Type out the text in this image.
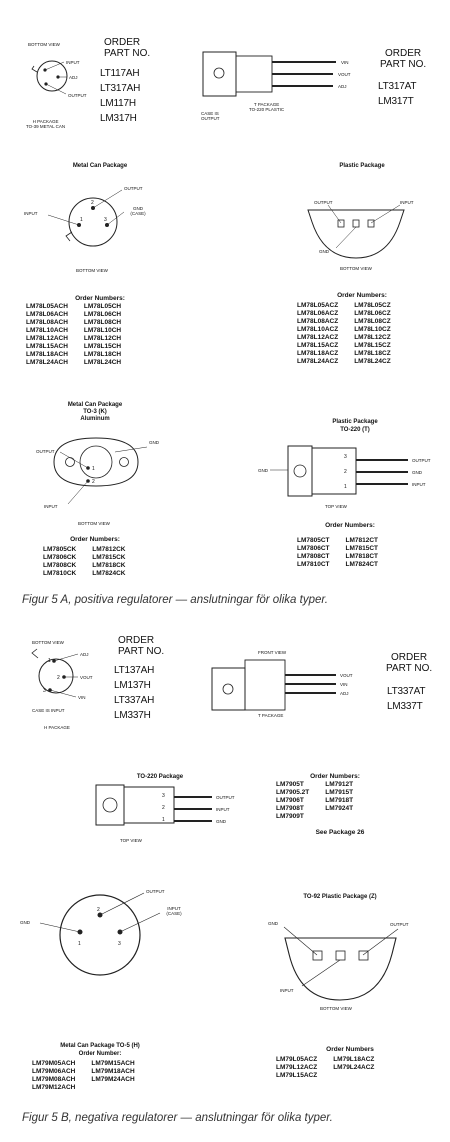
BOTTOM VIEW
INPUT
ADJ
OUTPUT
H PACKAGE
TO-39 METAL CAN
ORDER
PART NO.
LT117AH
LT317AH
LM117H
LM317H
VIN
VOUT
ADJ
CASE IS
OUTPUT
T PACKAGE
TO-220 PLASTIC
ORDER
PART NO.
LT317AT
LM317T
Metal Can Package
2
1	3
OUTPUT
INPUT
GND (CASE)
BOTTOM VIEW
Order Numbers:
LM78L05ACH LM78L05CH
LM78L06ACH LM78L06CH
LM78L08ACH LM78L08CH
LM78L10ACH LM78L10CH
LM78L12ACH LM78L12CH
LM78L15ACH LM78L15CH
LM78L18ACH LM78L18CH
LM78L24ACH LM78L24CH
Plastic Package
OUTPUT	INPUT
GND
BOTTOM VIEW
Order Numbers:
LM78L05ACZ LM78L05CZ
LM78L06ACZ LM78L06CZ
LM78L08ACZ LM78L08CZ
LM78L10ACZ LM78L10CZ
LM78L12ACZ LM78L12CZ
LM78L15ACZ LM78L15CZ
LM78L18ACZ LM78L18CZ
LM78L24ACZ LM78L24CZ
Metal Can Package
TO-3 (K)
Aluminum
1
2
OUTPUT
GND
INPUT
BOTTOM VIEW
Order Numbers:
LM7805CK LM7812CK
LM7806CK LM7815CK
LM7808CK LM7818CK
LM7810CK LM7824CK
Plastic Package
TO-220 (T)
3
2
1
OUTPUT
GND
INPUT
GND
TOP VIEW
Order Numbers:
LM7805CT LM7812CT
LM7806CT LM7815CT
LM7808CT LM7818CT
LM7810CT LM7824CT
Figur 5 A, positiva regulatorer — anslutningar för olika typer.
BOTTOM VIEW
1
2
3
ADJ
VOUT
VIN
CASE IS INPUT
H PACKAGE
ORDER
PART NO.
LT137AH
LM137H
LT337AH
LM337H
FRONT VIEW
VOUT
VIN
ADJ
T PACKAGE
ORDER
PART NO.
LT337AT
LM337T
TO-220 Package
3
2
1
OUTPUT
INPUT
GND
TOP VIEW
Order Numbers:
LM7905T	LM7912T
LM7905.2T LM7915T
LM7906T	LM7918T
LM7908T	LM7924T
LM7909T
See Package 26
2
1	3
OUTPUT
GND
INPUT (CASE)
Metal Can Package TO-5 (H)
Order Number:
LM79M05ACH LM79M15ACH
LM79M06ACH LM79M18ACH
LM79M08ACH LM79M24ACH
LM79M12ACH
TO-92 Plastic Package (Z)
GND	OUTPUT
INPUT
BOTTOM VIEW
Order Numbers
LM79L05ACZ LM79L18ACZ
LM79L12ACZ LM79L24ACZ
LM79L15ACZ
Figur 5 B, negativa regulatorer — anslutningar för olika typer.
